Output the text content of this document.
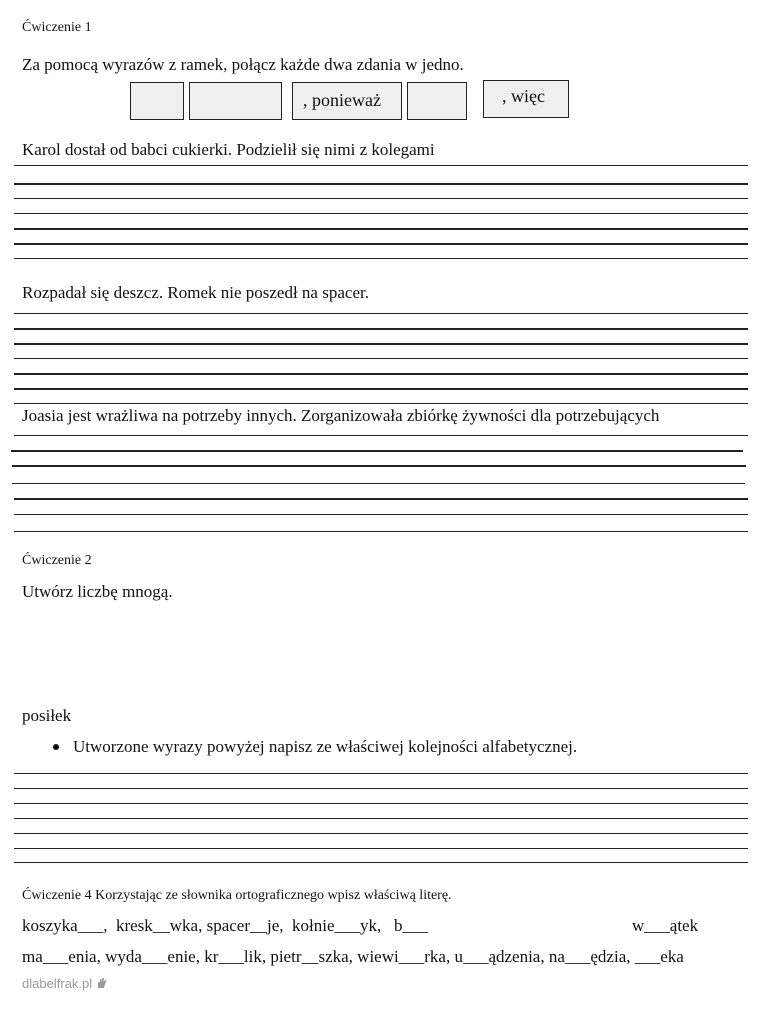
Ćwiczenie 1
Za pomocą wyrazów z ramek, połącz każde dwa zdania w jedno.
, ponieważ	, więc
Karol dostał od babci cukierki. Podzielił się nimi z kolegami
Rozpadał się deszcz. Romek nie poszedł na spacer.
Joasia jest wrażliwa na potrzeby innych. Zorganizowała zbiórkę żywności dla potrzebujących
Ćwiczenie 2
Utwórz liczbę mnogą.
posiłek
Utworzone wyrazy powyżej napisz ze właściwej kolejności alfabetycznej.
Ćwiczenie 4 Korzystając ze słownika ortograficznego wpisz właściwą literę.
koszyka___,  kresk__wka, spacer__je,  kołnie___yk,   b___	w___ątek
ma___enia, wyda___enie, kr___lik, pietr__szka, wiewi___rka, u___ądzenia, na___ędzia, ___eka
dlabelfrak.pl
